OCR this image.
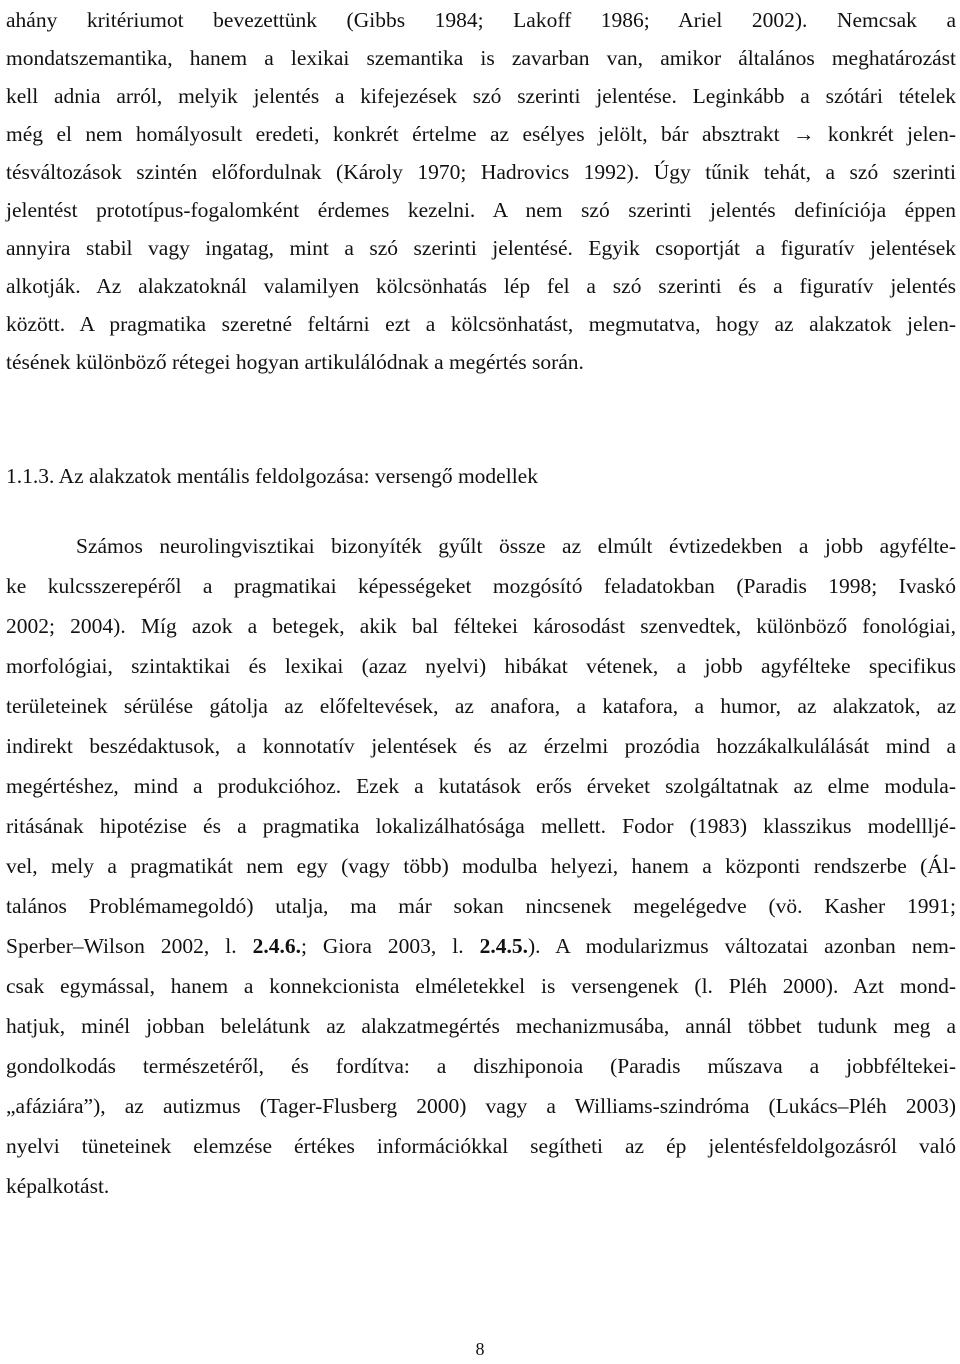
ahány kritériumot bevezettünk (Gibbs 1984; Lakoff 1986; Ariel 2002). Nemcsak a
mondatszemantika, hanem a lexikai szemantika is zavarban van, amikor általános meghatározást
kell adnia arról, melyik jelentés a kifejezések szó szerinti jelentése. Leginkább a szótári tételek
még el nem homályosult eredeti, konkrét értelme az esélyes jelölt, bár absztrakt → konkrét jelen-
tésváltozások szintén előfordulnak (Károly 1970; Hadrovics 1992). Úgy tűnik tehát, a szó szerinti
jelentést prototípus-fogalomként érdemes kezelni. A nem szó szerinti jelentés definíciója éppen
annyira stabil vagy ingatag, mint a szó szerinti jelentésé. Egyik csoportját a figuratív jelentések
alkotják. Az alakzatoknál valamilyen kölcsönhatás lép fel a szó szerinti és a figuratív jelentés
között. A pragmatika szeretné feltárni ezt a kölcsönhatást, megmutatva, hogy az alakzatok jelen-
tésének különböző rétegei hogyan artikulálódnak a megértés során.
1.1.3. Az alakzatok mentális feldolgozása: versengő modellek
Számos neurolingvisztikai bizonyíték gyűlt össze az elmúlt évtizedekben a jobb agyfélte-
ke kulcsszerepéről a pragmatikai képességeket mozgósító feladatokban (Paradis 1998; Ivaskó
2002; 2004). Míg azok a betegek, akik bal féltekei károsodást szenvedtek, különböző fonológiai,
morfológiai, szintaktikai és lexikai (azaz nyelvi) hibákat vétenek, a jobb agyfélteke specifikus
területeinek sérülése gátolja az előfeltevések, az anafora, a katafora, a humor, az alakzatok, az
indirekt beszédaktusok, a konnotatív jelentések és az érzelmi prozódia hozzákalkulálását mind a
megértéshez, mind a produkcióhoz. Ezek a kutatások erős érveket szolgáltatnak az elme modula-
ritásának hipotézise és a pragmatika lokalizálhatósága mellett. Fodor (1983) klasszikus modellljé-
vel, mely a pragmatikát nem egy (vagy több) modulba helyezi, hanem a központi rendszerbe (Ál-
talános Problémamegoldó) utalja, ma már sokan nincsenek megelégedve (vö. Kasher 1991;
Sperber–Wilson 2002, l. 2.4.6.; Giora 2003, l. 2.4.5.). A modularizmus változatai azonban nem-
csak egymással, hanem a konnekcionista elméletekkel is versengenek (l. Pléh 2000). Azt mond-
hatjuk, minél jobban belelátunk az alakzatmegértés mechanizmusába, annál többet tudunk meg a
gondolkodás természetéről, és fordítva: a diszhiponoia (Paradis műszava a jobbféltekei-
„afáziára”), az autizmus (Tager-Flusberg 2000) vagy a Williams-szindróma (Lukács–Pléh 2003)
nyelvi tüneteinek elemzése értékes információkkal segítheti az ép jelentésfeldolgozásról való
képalkotást.
8
